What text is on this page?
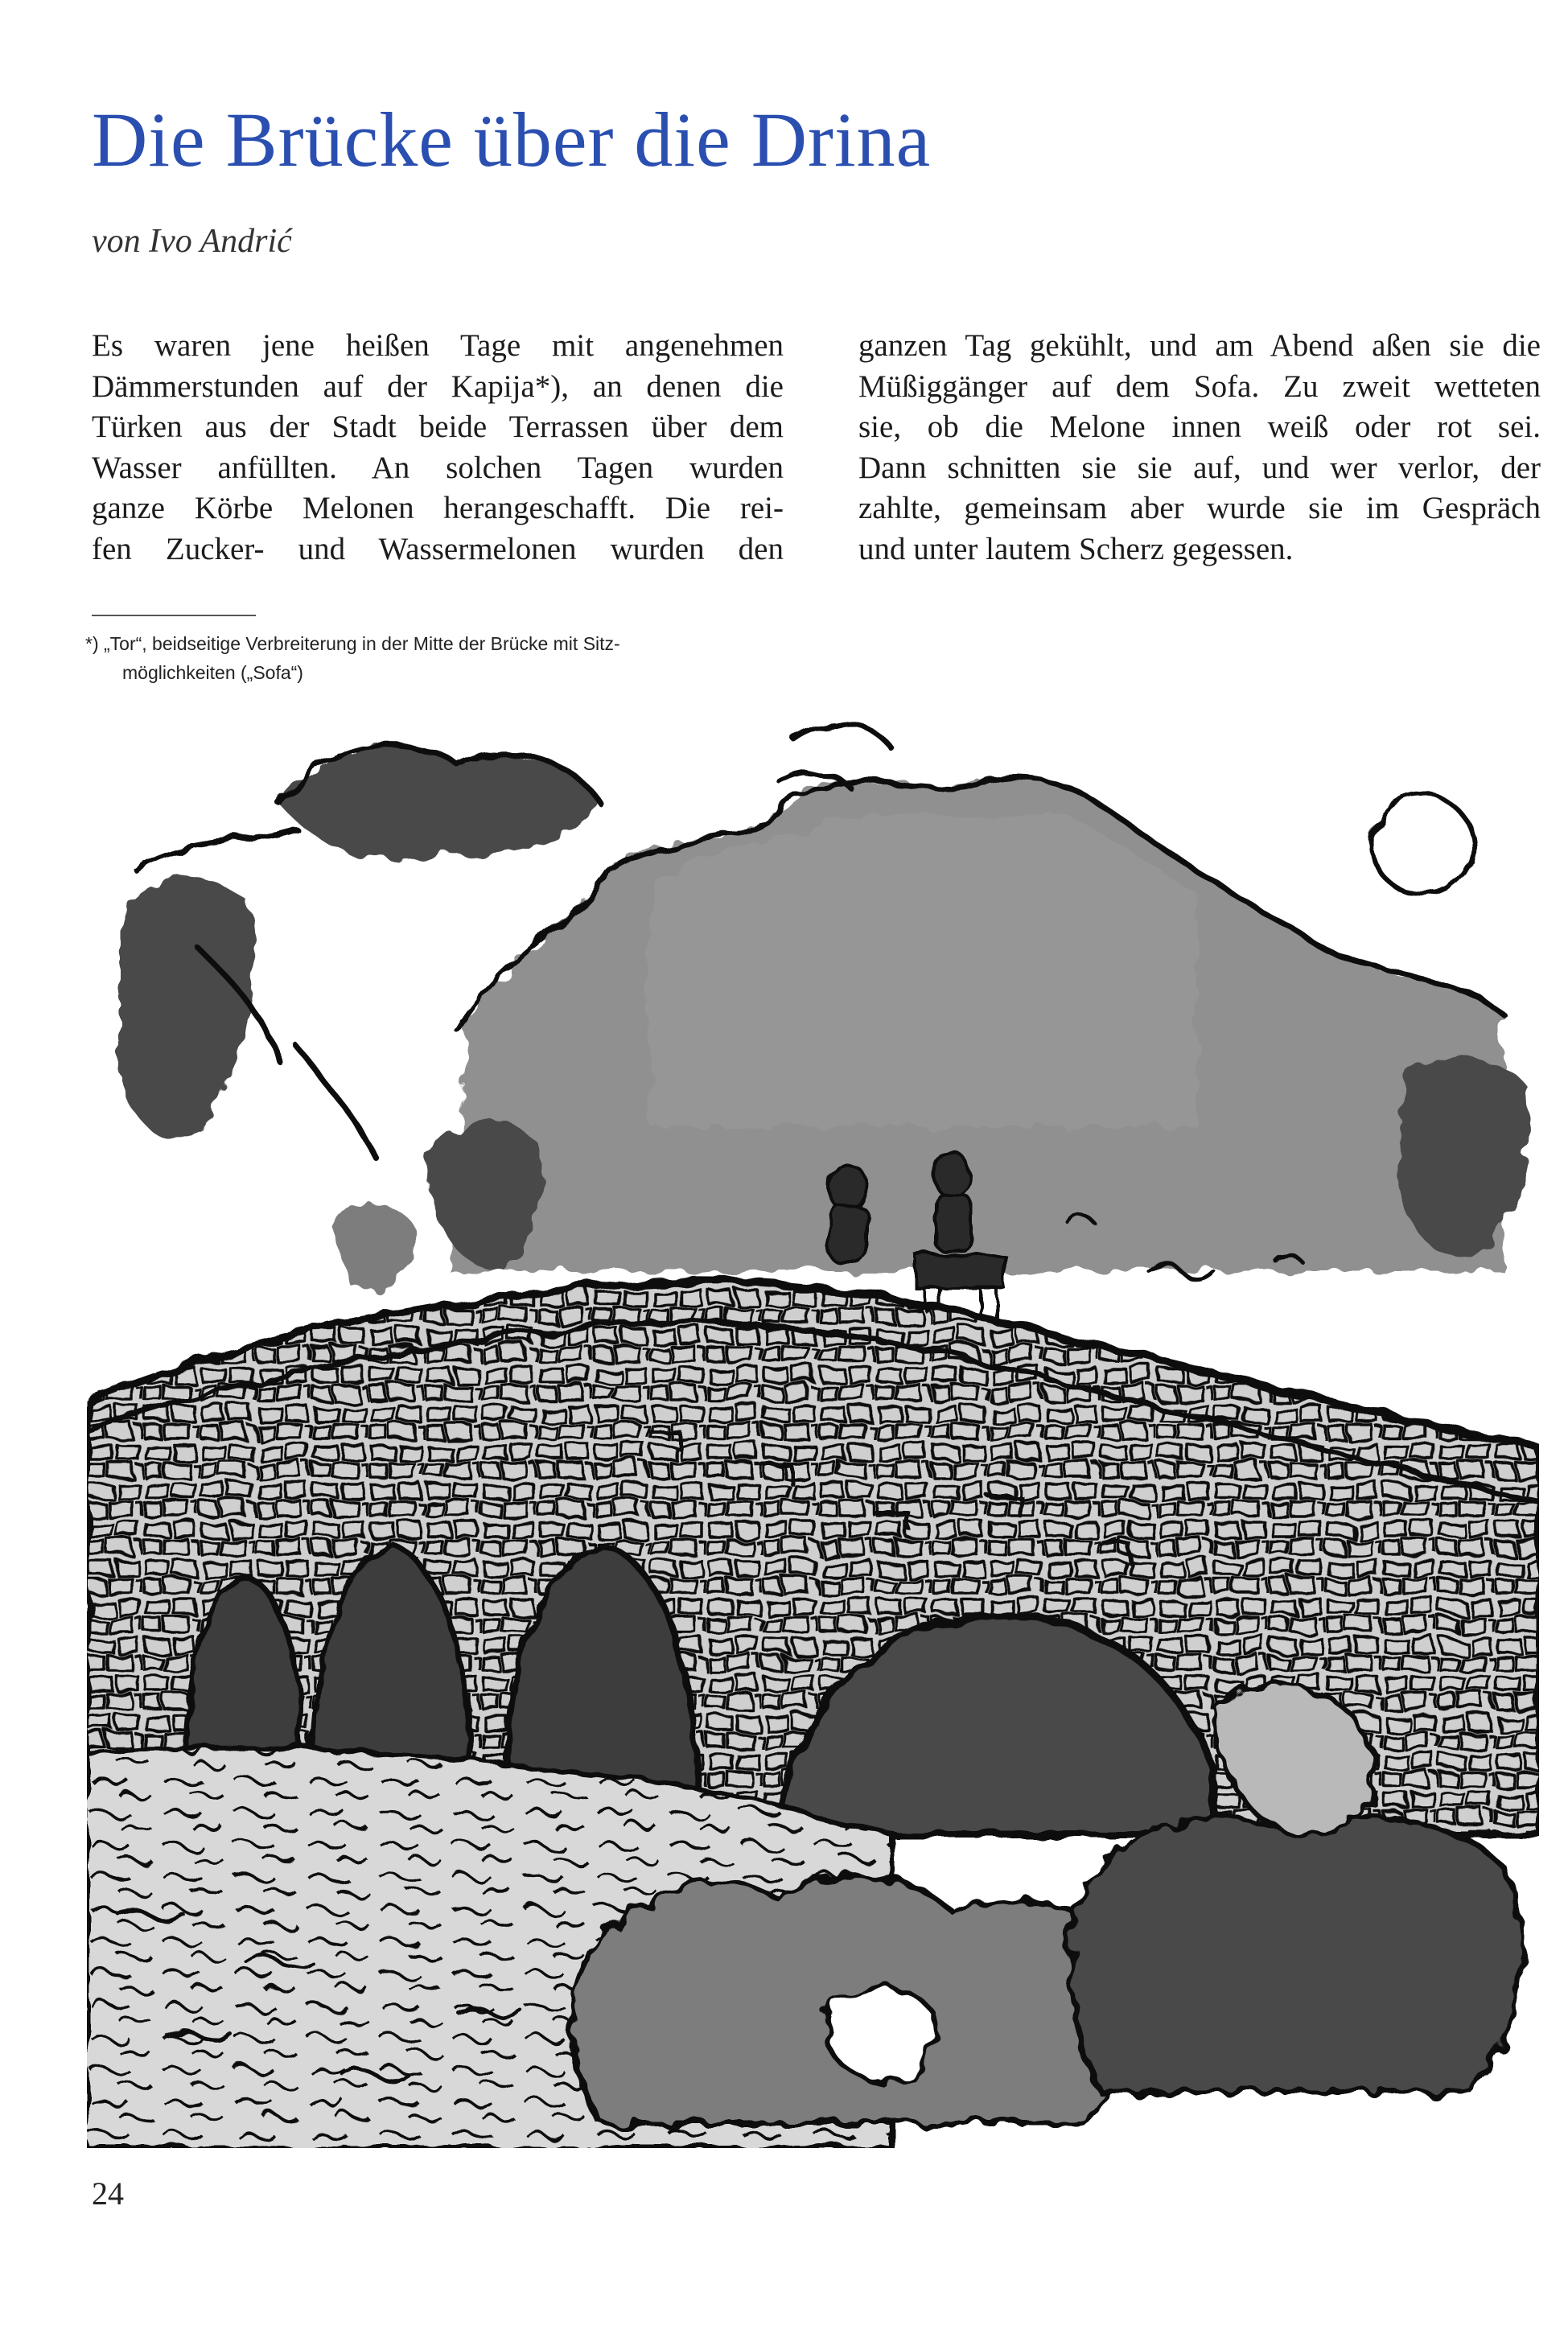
Die Brücke über die Drina

von Ivo Andrić

Es waren jene heißen Tage mit angenehmen
Dämmerstunden auf der Kapija*), an denen die
Türken aus der Stadt beide Terrassen über dem
Wasser anfüllten. An solchen Tagen wurden
ganze Körbe Melonen herangeschafft. Die rei-
fen Zucker- und Wassermelonen wurden den
ganzen Tag gekühlt, und am Abend aßen sie die
Müßiggänger auf dem Sofa. Zu zweit wetteten
sie, ob die Melone innen weiß oder rot sei.
Dann schnitten sie sie auf, und wer verlor, der
zahlte, gemeinsam aber wurde sie im Gespräch
und unter lautem Scherz gegessen.
*) „Tor“, beidseitige Verbreiterung in der Mitte der Brücke mit Sitz-
möglichkeiten („Sofa“)
24
